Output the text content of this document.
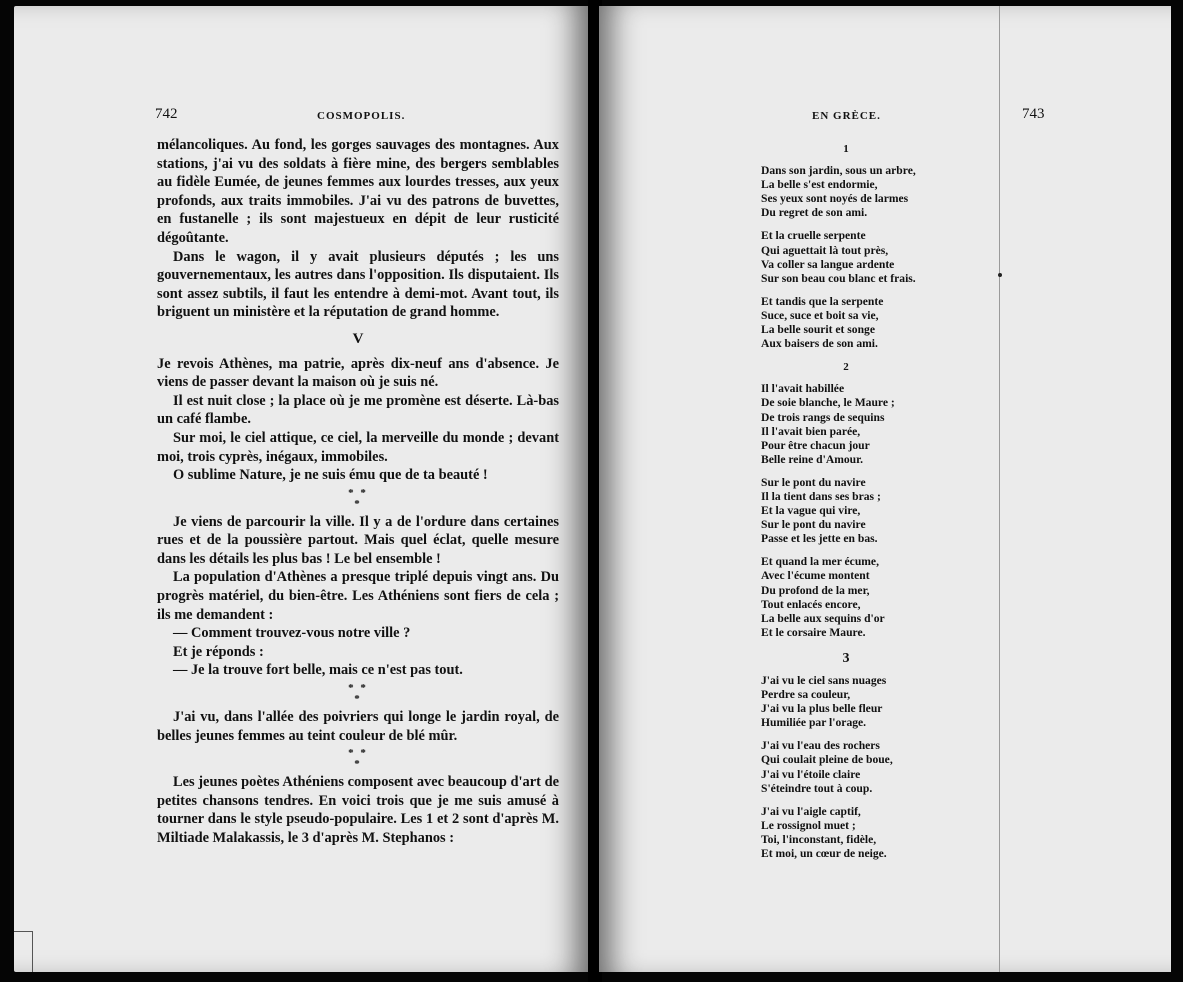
742	COSMOPOLIS.

mélancoliques. Au fond, les gorges sauvages des montagnes. Aux stations, j'ai vu des soldats à fière mine, des bergers semblables au fidèle Eumée, de jeunes femmes aux lourdes tresses, aux yeux profonds, aux traits immobiles. J'ai vu des patrons de buvettes, en fustanelle ; ils sont majestueux en dépit de leur rusticité dégoûtante.

Dans le wagon, il y avait plusieurs députés ; les uns gouvernementaux, les autres dans l'opposition. Ils disputaient. Ils sont assez subtils, il faut les entendre à demi-mot. Avant tout, ils briguent un ministère et la réputation de grand homme.

V

Je revois Athènes, ma patrie, après dix-neuf ans d'absence. Je viens de passer devant la maison où je suis né.

Il est nuit close ; la place où je me promène est déserte. Là-bas un café flambe.

Sur moi, le ciel attique, ce ciel, la merveille du monde ; devant moi, trois cyprès, inégaux, immobiles.

O sublime Nature, je ne suis ému que de ta beauté !

* *
*

Je viens de parcourir la ville. Il y a de l'ordure dans certaines rues et de la poussière partout. Mais quel éclat, quelle mesure dans les détails les plus bas ! Le bel ensemble !

La population d'Athènes a presque triplé depuis vingt ans. Du progrès matériel, du bien-être. Les Athéniens sont fiers de cela ; ils me demandent :

— Comment trouvez-vous notre ville ?

Et je réponds :

— Je la trouve fort belle, mais ce n'est pas tout.

* *
*

J'ai vu, dans l'allée des poivriers qui longe le jardin royal, de belles jeunes femmes au teint couleur de blé mûr.

* *
*

Les jeunes poètes Athéniens composent avec beaucoup d'art de petites chansons tendres. En voici trois que je me suis amusé à tourner dans le style pseudo-populaire. Les 1 et 2 sont d'après M. Miltiade Malakassis, le 3 d'après M. Stephanos :

EN GRÈCE.	743
1
Dans son jardin, sous un arbre,
La belle s'est endormie,
Ses yeux sont noyés de larmes
Du regret de son ami.
Et la cruelle serpente
Qui aguettait là tout près,
Va coller sa langue ardente
Sur son beau cou blanc et frais.
Et tandis que la serpente
Suce, suce et boit sa vie,
La belle sourit et songe
Aux baisers de son ami.
2
Il l'avait habillée
De soie blanche, le Maure ;
De trois rangs de sequins
Il l'avait bien parée,
Pour être chacun jour
Belle reine d'Amour.
Sur le pont du navire
Il la tient dans ses bras ;
Et la vague qui vire,
Sur le pont du navire
Passe et les jette en bas.
Et quand la mer écume,
Avec l'écume montent
Du profond de la mer,
Tout enlacés encore,
La belle aux sequins d'or
Et le corsaire Maure.
3
J'ai vu le ciel sans nuages
Perdre sa couleur,
J'ai vu la plus belle fleur
Humiliée par l'orage.
J'ai vu l'eau des rochers
Qui coulait pleine de boue,
J'ai vu l'étoile claire
S'éteindre tout à coup.
J'ai vu l'aigle captif,
Le rossignol muet ;
Toi, l'inconstant, fidèle,
Et moi, un cœur de neige.
